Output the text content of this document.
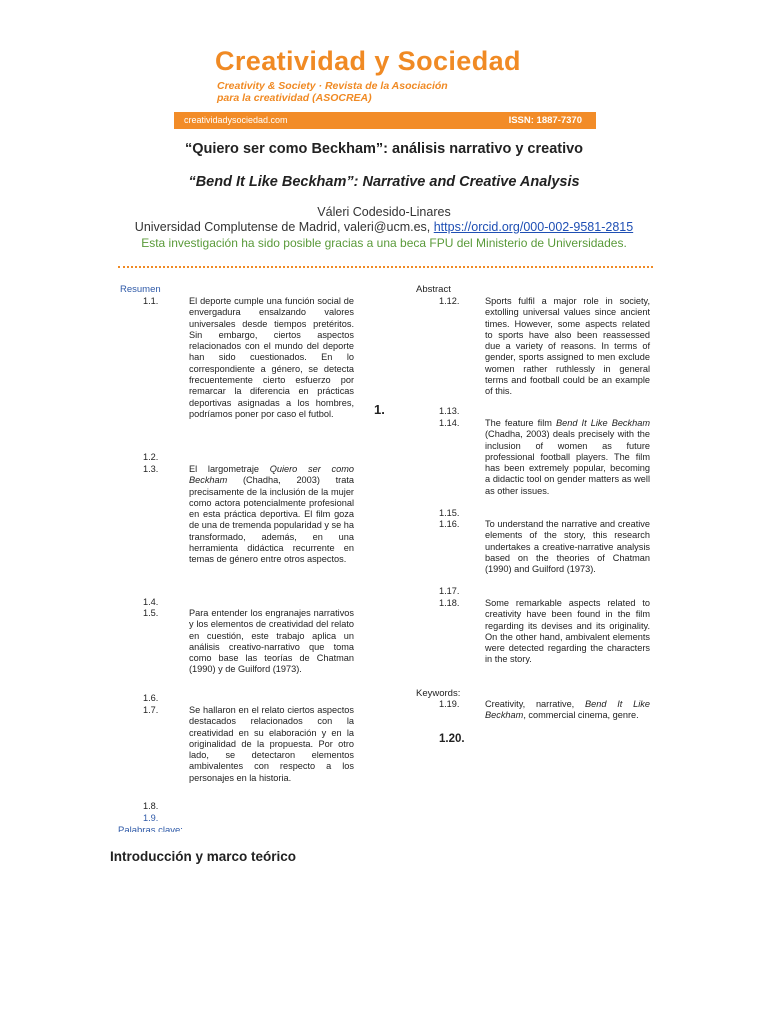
Creatividad y Sociedad
Creativity & Society · Revista de la Asociación
para la creatividad (ASOCREA)
creatividadysociedad.com	ISSN: 1887-7370
“Quiero ser como Beckham”: análisis narrativo y creativo
“Bend It Like Beckham”: Narrative and Creative Analysis
Váleri Codesido-Linares
Universidad Complutense de Madrid, valeri@ucm.es, https://orcid.org/000-002-9581-2815
Esta investigación ha sido posible gracias a una beca FPU del Ministerio de Universidades.
Resumen
1.1.	El deporte cumple una función social de envergadura ensalzando valores universales desde tiempos pretéritos. Sin embargo, ciertos aspectos relacionados con el mundo del deporte han sido cuestionados. En lo correspondiente a género, se detecta frecuentemente cierto esfuerzo por remarcar la diferencia en prácticas deportivas asignadas a los hombres, podríamos poner por caso el futbol.
1.2.
1.3.	El largometraje Quiero ser como Beckham (Chadha, 2003) trata precisamente de la inclusión de la mujer como actora potencialmente profesional en esta práctica deportiva. El film goza de una de tremenda popularidad y se ha transformado, además, en una herramienta didáctica recurrente en temas de género entre otros aspectos.
1.4.
1.5.	Para entender los engranajes narrativos y los elementos de creatividad del relato en cuestión, este trabajo aplica un análisis creativo-narrativo que toma como base las teorías de Chatman (1990) y de Guilford (1973).
1.6.
1.7.	Se hallaron en el relato ciertos aspectos destacados relacionados con la creatividad en su elaboración y en la originalidad de la propuesta. Por otro lado, se detectaron elementos ambivalentes con respecto a los personajes en la historia.
1.8.
1.9.
Palabras clave:
1.
Abstract
1.12.	Sports fulfil a major role in society, extolling universal values since ancient times. However, some aspects related to sports have also been reassessed due a variety of reasons. In terms of gender, sports assigned to men exclude women rather ruthlessly in general terms and football could be an example of this.
1.13.
1.14.	The feature film Bend It Like Beckham (Chadha, 2003) deals precisely with the inclusion of women as future professional football players. The film has been extremely popular, becoming a didactic tool on gender matters as well as other issues.
1.15.
1.16.	To understand the narrative and creative elements of the story, this research undertakes a creative-narrative analysis based on the theories of Chatman (1990) and Guilford (1973).
1.17.
1.18.	Some remarkable aspects related to creativity have been found in the film regarding its devises and its originality. On the other hand, ambivalent elements were detected regarding the characters in the story.
Keywords:
1.19.	Creativity, narrative, Bend It Like Beckham, commercial cinema, genre.
1.20.
Introducción y marco teórico
